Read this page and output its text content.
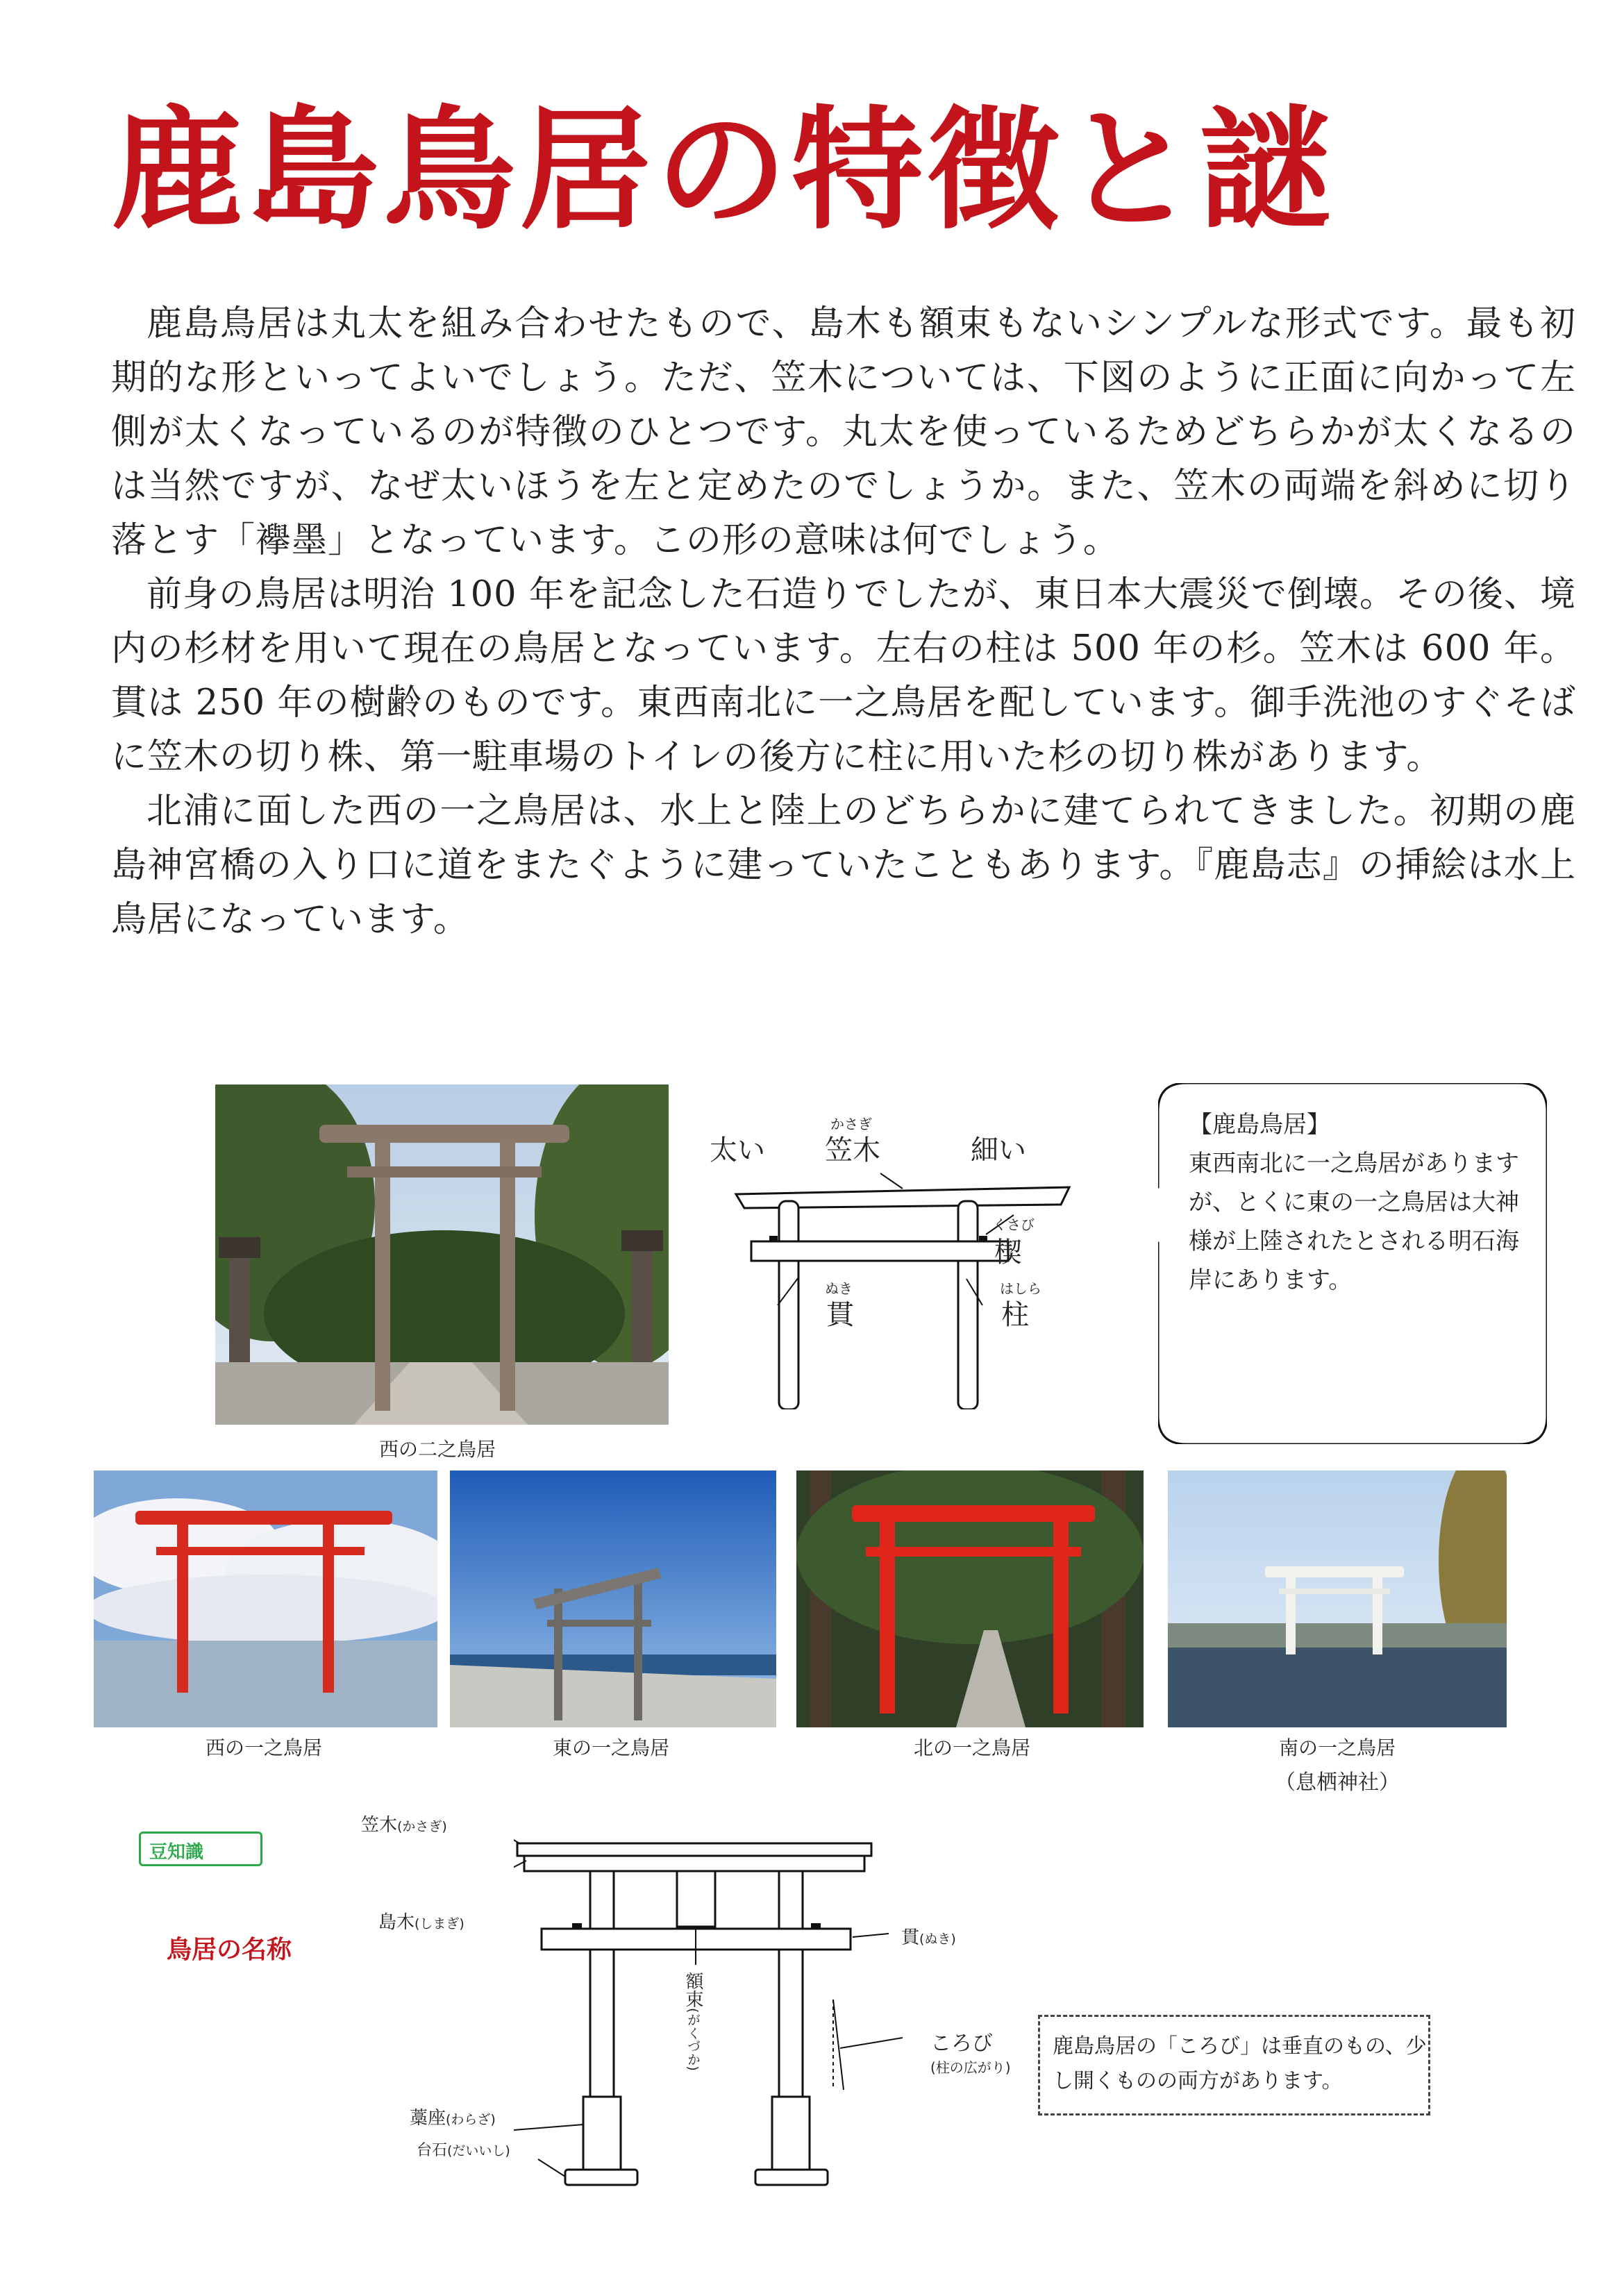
鹿島鳥居の特徴と謎

鹿島鳥居は丸太を組み合わせたもので、島木も額束もないシンプルな形式です。最も初期的な形といってよいでしょう。ただ、笠木については、下図のように正面に向かって左側が太くなっているのが特徴のひとつです。丸太を使っているためどちらかが太くなるのは当然ですが、なぜ太いほうを左と定めたのでしょうか。また、笠木の両端を斜めに切り落とす「襷墨」となっています。この形の意味は何でしょう。

前身の鳥居は明治 100 年を記念した石造りでしたが、東日本大震災で倒壊。その後、境内の杉材を用いて現在の鳥居となっています。左右の柱は 500 年の杉。笠木は 600 年。貫は 250 年の樹齢のものです。東西南北に一之鳥居を配しています。御手洗池のすぐそばに笠木の切り株、第一駐車場のトイレの後方に柱に用いた杉の切り株があります。

北浦に面した西の一之鳥居は、水上と陸上のどちらかに建てられてきました。初期の鹿島神宮橋の入り口に道をまたぐように建っていたこともあります。『鹿島志』の挿絵は水上鳥居になっています。

西の二之鳥居
太い
かさぎ
笠木	細い
くさび
楔
ぬき
貫
はしら
柱
【鹿島鳥居】
東西南北に一之鳥居がありますが、とくに東の一之鳥居は大神様が上陸されたとされる明石海岸にあります。
西の一之鳥居	東の一之鳥居	北の一之鳥居	南の一之鳥居
（息栖神社）
豆知識
鳥居の名称
笠木(かさぎ)
島木(しまぎ)
貫(ぬき)
額束(がくづか)	ころび
(柱の広がり)
藁座(わらざ)
台石(だいいし)
鹿島鳥居の「ころび」は垂直のもの、少し開くものの両方があります。
